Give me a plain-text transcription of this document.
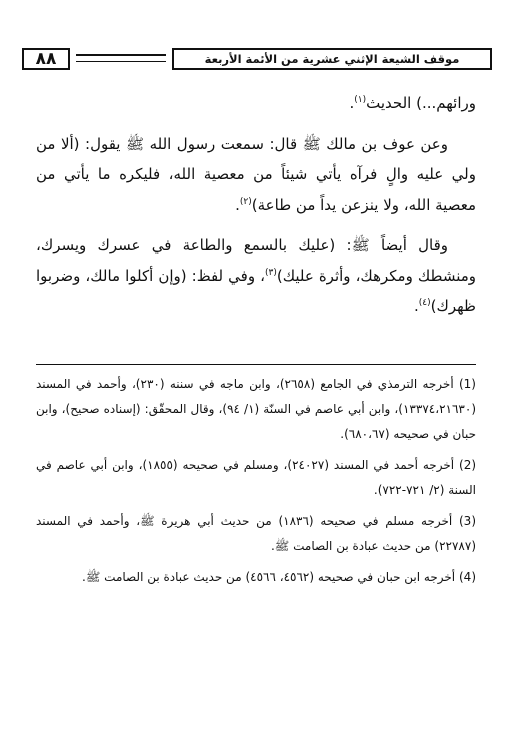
٨٨	موقف الشيعة الإثني عشرية من الأئمة الأربعة

ورائهم...) الحديث$^{(١)}$.

وعن عوف بن مالك ﷺ قال: سمعت رسول الله ﷺ يقول: (ألا من ولي عليه والٍ فرآه يأتي شيئاً من معصية الله، فليكره ما يأتي من معصية الله، ولا ينزعن يداً من طاعة)$^{(٢)}$.

وقال أيضاً ﷺ: (عليك بالسمع والطاعة في عسرك ويسرك، ومنشطك ومكرهك، وأثرة عليك)$^{(٣)}$، وفي لفظ: (وإن أكلوا مالك، وضربوا ظهرك)$^{(٤)}$.

(1) أخرجه الترمذي في الجامع (٢٦٥٨)، وابن ماجه في سننه (٢٣٠)، وأحمد في المسند (١٣٣٧٤،٢١٦٣٠)، وابن أبي عاصم في السنّة (١/ ٩٤)، وقال المحقّق: (إسناده صحيح)، وابن حبان في صحيحه (٦٨٠،٦٧).

(2) أخرجه أحمد في المسند (٢٤٠٢٧)، ومسلم في صحيحه (١٨٥٥)، وابن أبي عاصم في السنة (٢/ ٧٢١-٧٢٢).

(3) أخرجه مسلم في صحيحه (١٨٣٦) من حديث أبي هريرة ﷺ، وأحمد في المسند (٢٢٧٨٧) من حديث عبادة بن الصامت ﷺ.

(4) أخرجه ابن حبان في صحيحه (٤٥٦٢، ٤٥٦٦) من حديث عبادة بن الصامت ﷺ.
